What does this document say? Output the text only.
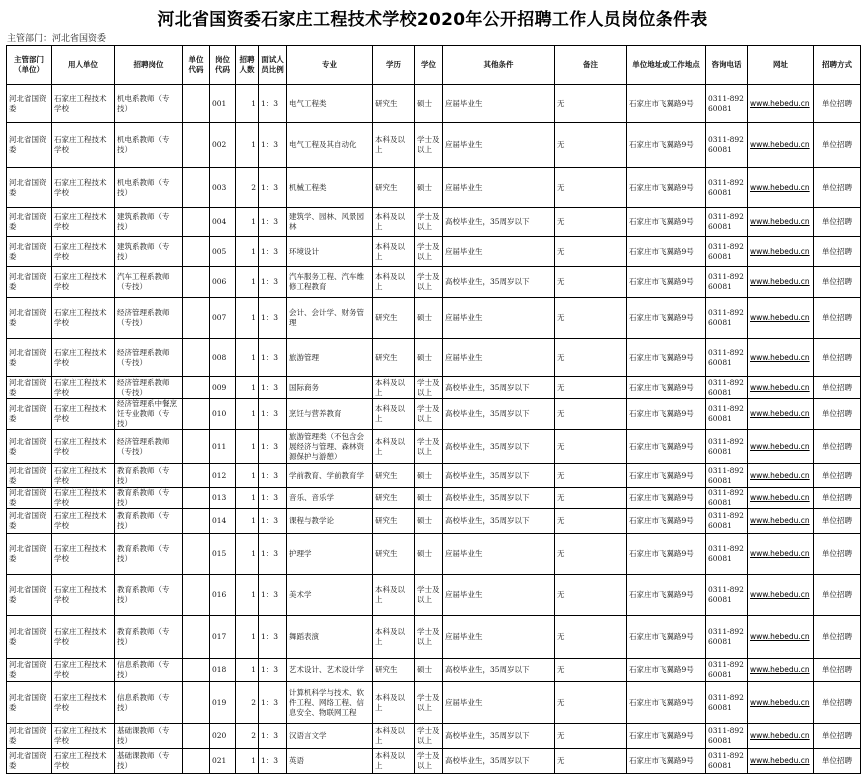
河北省国资委石家庄工程技术学校2020年公开招聘工作人员岗位条件表
主管部门：河北省国资委
主管部门（单位）	用人单位	招聘岗位	单位代码	岗位代码	招聘人数	面试人员比例	专业	学历	学位	其他条件	备注	单位地址或工作地点	咨询电话	网址	招聘方式
河北省国资委	石家庄工程技术学校	机电系教师（专技）		001	1	1：3	电气工程类	研究生	硕士	应届毕业生	无	石家庄市飞翼路9号	0311-89260081	www.hebedu.cn	单位招聘
河北省国资委	石家庄工程技术学校	机电系教师（专技）		002	1	1：3	电气工程及其自动化	本科及以上	学士及以上	应届毕业生	无	石家庄市飞翼路9号	0311-89260081	www.hebedu.cn	单位招聘
河北省国资委	石家庄工程技术学校	机电系教师（专技）		003	2	1：3	机械工程类	研究生	硕士	应届毕业生	无	石家庄市飞翼路9号	0311-89260081	www.hebedu.cn	单位招聘
河北省国资委	石家庄工程技术学校	建筑系教师（专技）		004	1	1：3	建筑学、园林、风景园林	本科及以上	学士及以上	高校毕业生，35周岁以下	无	石家庄市飞翼路9号	0311-89260081	www.hebedu.cn	单位招聘
河北省国资委	石家庄工程技术学校	建筑系教师（专技）		005	1	1：3	环境设计	本科及以上	学士及以上	应届毕业生	无	石家庄市飞翼路9号	0311-89260081	www.hebedu.cn	单位招聘
河北省国资委	石家庄工程技术学校	汽车工程系教师（专技）		006	1	1：3	汽车服务工程、汽车维修工程教育	本科及以上	学士及以上	高校毕业生，35周岁以下	无	石家庄市飞翼路9号	0311-89260081	www.hebedu.cn	单位招聘
河北省国资委	石家庄工程技术学校	经济管理系教师（专技）		007	1	1：3	会计、会计学、财务管理	研究生	硕士	应届毕业生	无	石家庄市飞翼路9号	0311-89260081	www.hebedu.cn	单位招聘
河北省国资委	石家庄工程技术学校	经济管理系教师（专技）		008	1	1：3	旅游管理	研究生	硕士	应届毕业生	无	石家庄市飞翼路9号	0311-89260081	www.hebedu.cn	单位招聘
河北省国资委	石家庄工程技术学校	经济管理系教师（专技）		009	1	1：3	国际商务	本科及以上	学士及以上	高校毕业生，35周岁以下	无	石家庄市飞翼路9号	0311-89260081	www.hebedu.cn	单位招聘
河北省国资委	石家庄工程技术学校	经济管理系中餐烹饪专业教师（专技）		010	1	1：3	烹饪与营养教育	本科及以上	学士及以上	高校毕业生，35周岁以下	无	石家庄市飞翼路9号	0311-89260081	www.hebedu.cn	单位招聘
河北省国资委	石家庄工程技术学校	经济管理系教师（专技）		011	1	1：3	旅游管理类（不包含会展经济与管理、森林资源保护与游憩）	本科及以上	学士及以上	高校毕业生，35周岁以下	无	石家庄市飞翼路9号	0311-89260081	www.hebedu.cn	单位招聘
河北省国资委	石家庄工程技术学校	教育系教师（专技）		012	1	1：3	学前教育、学前教育学	研究生	硕士	高校毕业生，35周岁以下	无	石家庄市飞翼路9号	0311-89260081	www.hebedu.cn	单位招聘
河北省国资委	石家庄工程技术学校	教育系教师（专技）		013	1	1：3	音乐、音乐学	研究生	硕士	高校毕业生，35周岁以下	无	石家庄市飞翼路9号	0311-89260081	www.hebedu.cn	单位招聘
河北省国资委	石家庄工程技术学校	教育系教师（专技）		014	1	1：3	课程与教学论	研究生	硕士	高校毕业生，35周岁以下	无	石家庄市飞翼路9号	0311-89260081	www.hebedu.cn	单位招聘
河北省国资委	石家庄工程技术学校	教育系教师（专技）		015	1	1：3	护理学	研究生	硕士	应届毕业生	无	石家庄市飞翼路9号	0311-89260081	www.hebedu.cn	单位招聘
河北省国资委	石家庄工程技术学校	教育系教师（专技）		016	1	1：3	美术学	本科及以上	学士及以上	应届毕业生	无	石家庄市飞翼路9号	0311-89260081	www.hebedu.cn	单位招聘
河北省国资委	石家庄工程技术学校	教育系教师（专技）		017	1	1：3	舞蹈表演	本科及以上	学士及以上	应届毕业生	无	石家庄市飞翼路9号	0311-89260081	www.hebedu.cn	单位招聘
河北省国资委	石家庄工程技术学校	信息系教师（专技）		018	1	1：3	艺术设计、艺术设计学	研究生	硕士	高校毕业生，35周岁以下	无	石家庄市飞翼路9号	0311-89260081	www.hebedu.cn	单位招聘
河北省国资委	石家庄工程技术学校	信息系教师（专技）		019	2	1：3	计算机科学与技术、软件工程、网络工程、信息安全、物联网工程	本科及以上	学士及以上	应届毕业生	无	石家庄市飞翼路9号	0311-89260081	www.hebedu.cn	单位招聘
河北省国资委	石家庄工程技术学校	基础课教师（专技）		020	2	1：3	汉语言文学	本科及以上	学士及以上	高校毕业生，35周岁以下	无	石家庄市飞翼路9号	0311-89260081	www.hebedu.cn	单位招聘
河北省国资委	石家庄工程技术学校	基础课教师（专技）		021	1	1：3	英语	本科及以上	学士及以上	高校毕业生，35周岁以下	无	石家庄市飞翼路9号	0311-89260081	www.hebedu.cn	单位招聘
